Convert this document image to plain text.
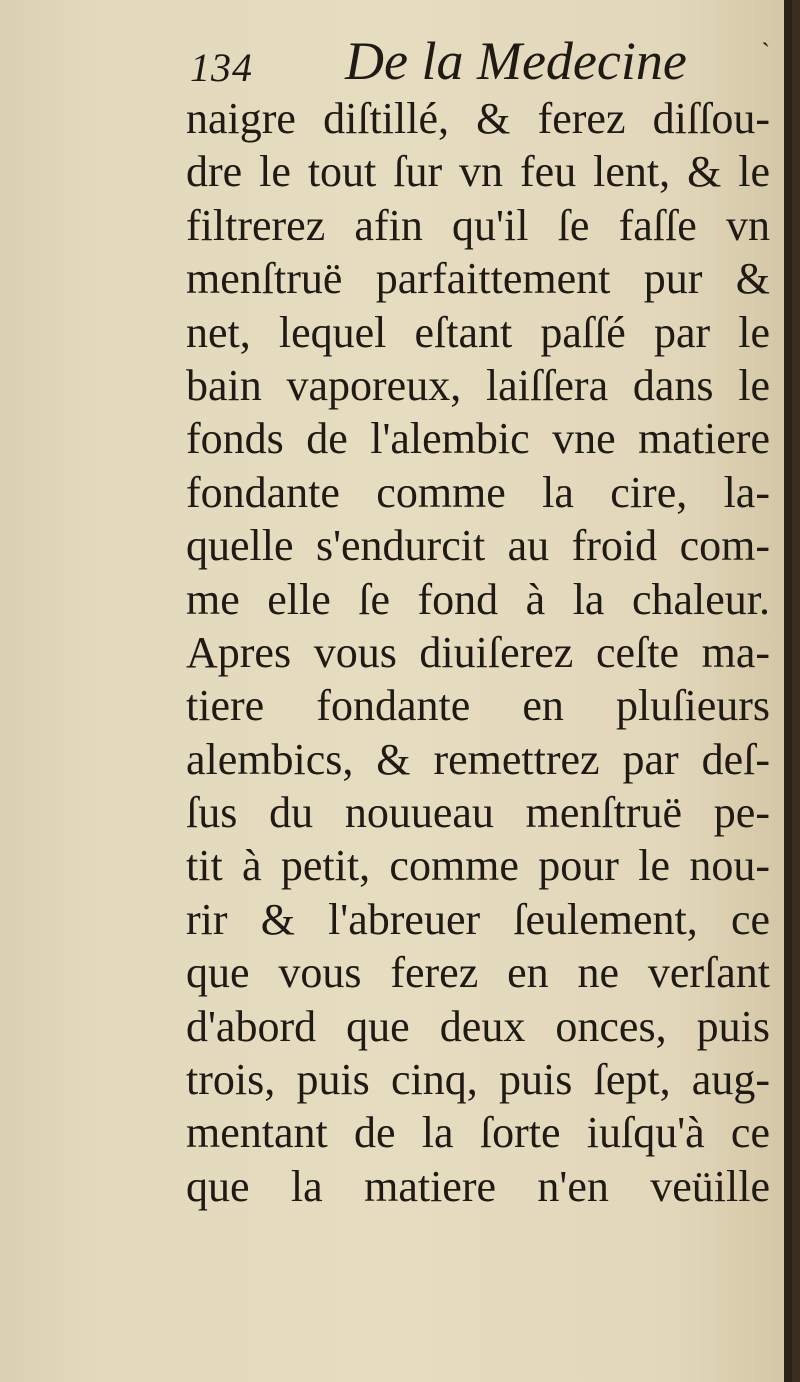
134 De la Medecine	`
naigre diſtillé, & ferez diſſou-
dre le tout ſur vn feu lent, & le
filtrerez afin qu'il ſe faſſe vn
menſtruë parfaittement pur &
net, lequel eſtant paſſé par le
bain vaporeux, laiſſera dans le
fonds de l'alembic vne matiere
fondante comme la cire, la-
quelle s'endurcit au froid com-
me elle ſe fond à la chaleur.
Apres vous diuiſerez ceſte ma-
tiere fondante en pluſieurs
alembics, & remettrez par deſ-
ſus du nouueau menſtruë pe-
tit à petit, comme pour le nou-
rir & l'abreuer ſeulement, ce
que vous ferez en ne verſant
d'abord que deux onces, puis
trois, puis cinq, puis ſept, aug-
mentant de la ſorte iuſqu'à ce
que la matiere n'en veüille
